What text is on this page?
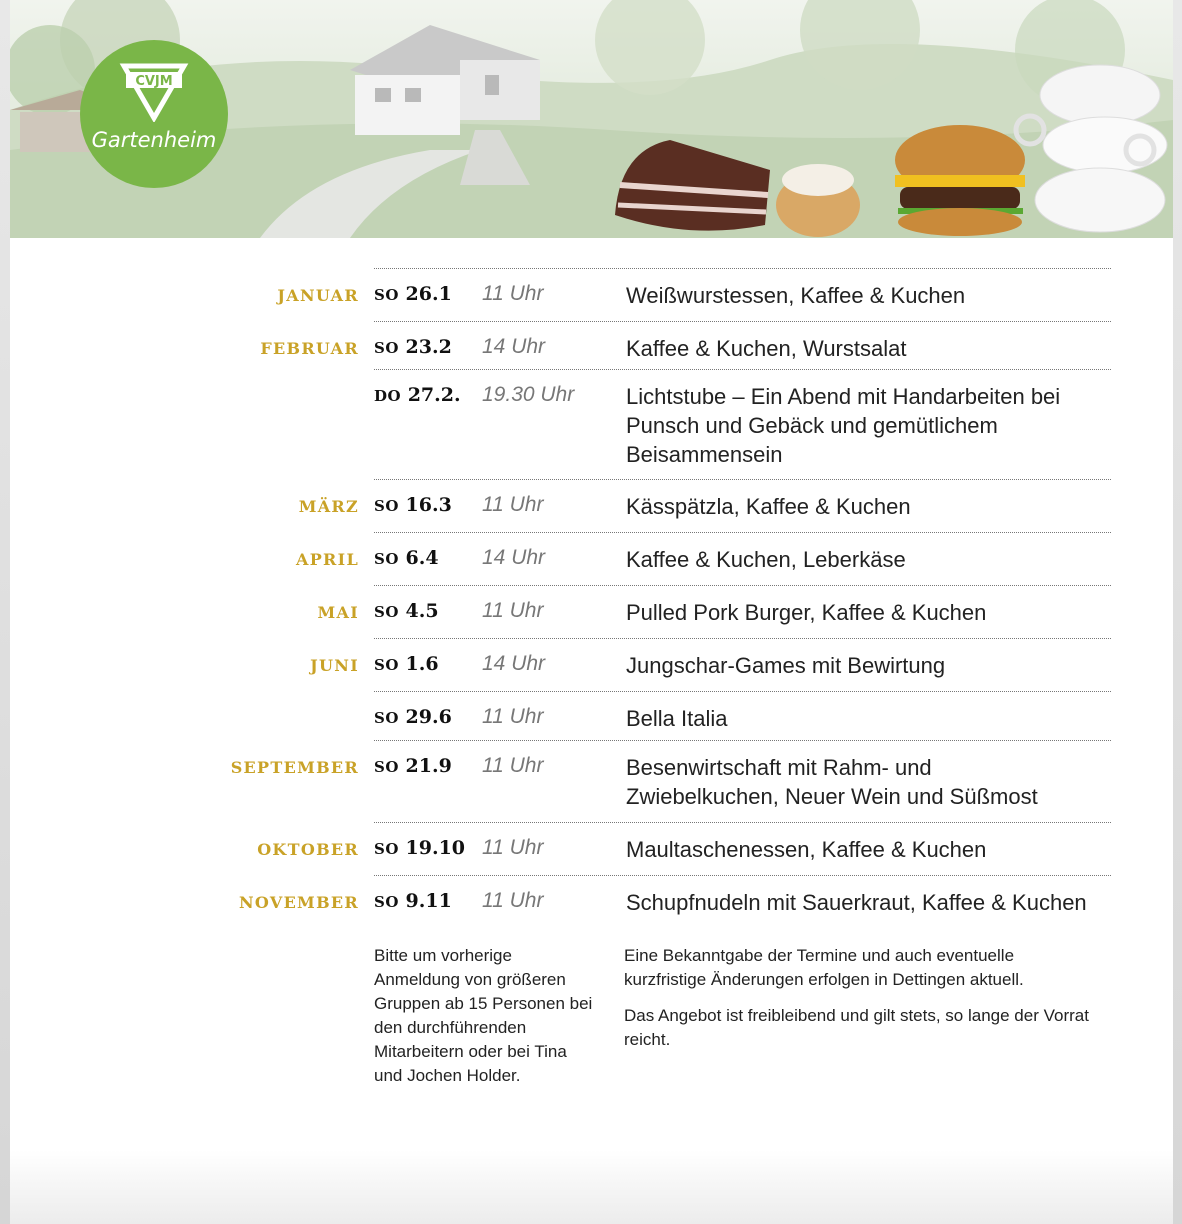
CVJM
Gartenheim
JANUAR SO 26.1 11 Uhr	Weißwurstessen, Kaffee & Kuchen
FEBRUAR SO 23.2 14 Uhr	Kaffee & Kuchen, Wurstsalat
DO 27.2. 19.30 Uhr Lichtstube – Ein Abend mit Handarbeiten bei Punsch und Gebäck und gemütlichem Beisammensein
MÄRZ SO 16.3 11 Uhr	Kässpätzla, Kaffee & Kuchen
APRIL SO 6.4 14 Uhr	Kaffee & Kuchen, Leberkäse
MAI SO 4.5 11 Uhr	Pulled Pork Burger, Kaffee & Kuchen
JUNI SO 1.6 14 Uhr	Jungschar-Games mit Bewirtung
SO 29.6 11 Uhr	Bella Italia
SEPTEMBER SO 21.9 11 Uhr	Besenwirtschaft mit Rahm- und Zwiebelkuchen, Neuer Wein und Süßmost
OKTOBER SO 19.10 11 Uhr	Maultaschenessen, Kaffee & Kuchen
NOVEMBER SO 9.11 11 Uhr	Schupfnudeln mit Sauerkraut, Kaffee & Kuchen
Bitte um vorherige Anmeldung von größeren Gruppen ab 15 Personen bei den durchführenden Mitarbeitern oder bei Tina und Jochen Holder.

Eine Bekanntgabe der Termine und auch eventuelle kurzfristige Änderungen erfolgen in Dettingen aktuell.

Das Angebot ist freibleibend und gilt stets, so lange der Vorrat reicht.
